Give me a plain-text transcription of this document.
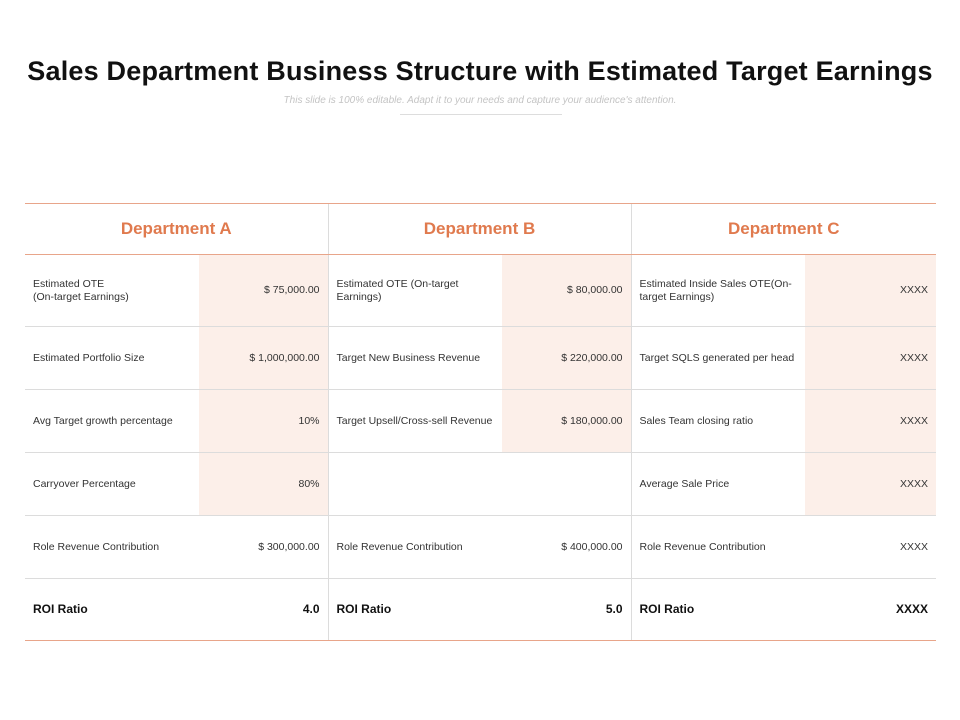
Sales Department Business Structure with Estimated Target Earnings
This slide is 100% editable. Adapt it to your needs and capture your audience's attention.
Department A		Department B		Department C	
Estimated OTE
(On-target Earnings)	$ 75,000.00	Estimated OTE (On-target Earnings)	$ 80,000.00	Estimated Inside Sales OTE(On-target Earnings)	XXXX
Estimated Portfolio Size	$ 1,000,000.00	Target New Business Revenue	$ 220,000.00	Target SQLS generated per head	XXXX
Avg Target growth percentage	10%	Target Upsell/Cross-sell Revenue	$ 180,000.00	Sales Team closing ratio	XXXX
Carryover Percentage	80%			Average Sale Price	XXXX
Role Revenue Contribution	$ 300,000.00	Role Revenue Contribution	$ 400,000.00	Role Revenue Contribution	XXXX
ROI Ratio	4.0	ROI Ratio	5.0	ROI Ratio	XXXX
